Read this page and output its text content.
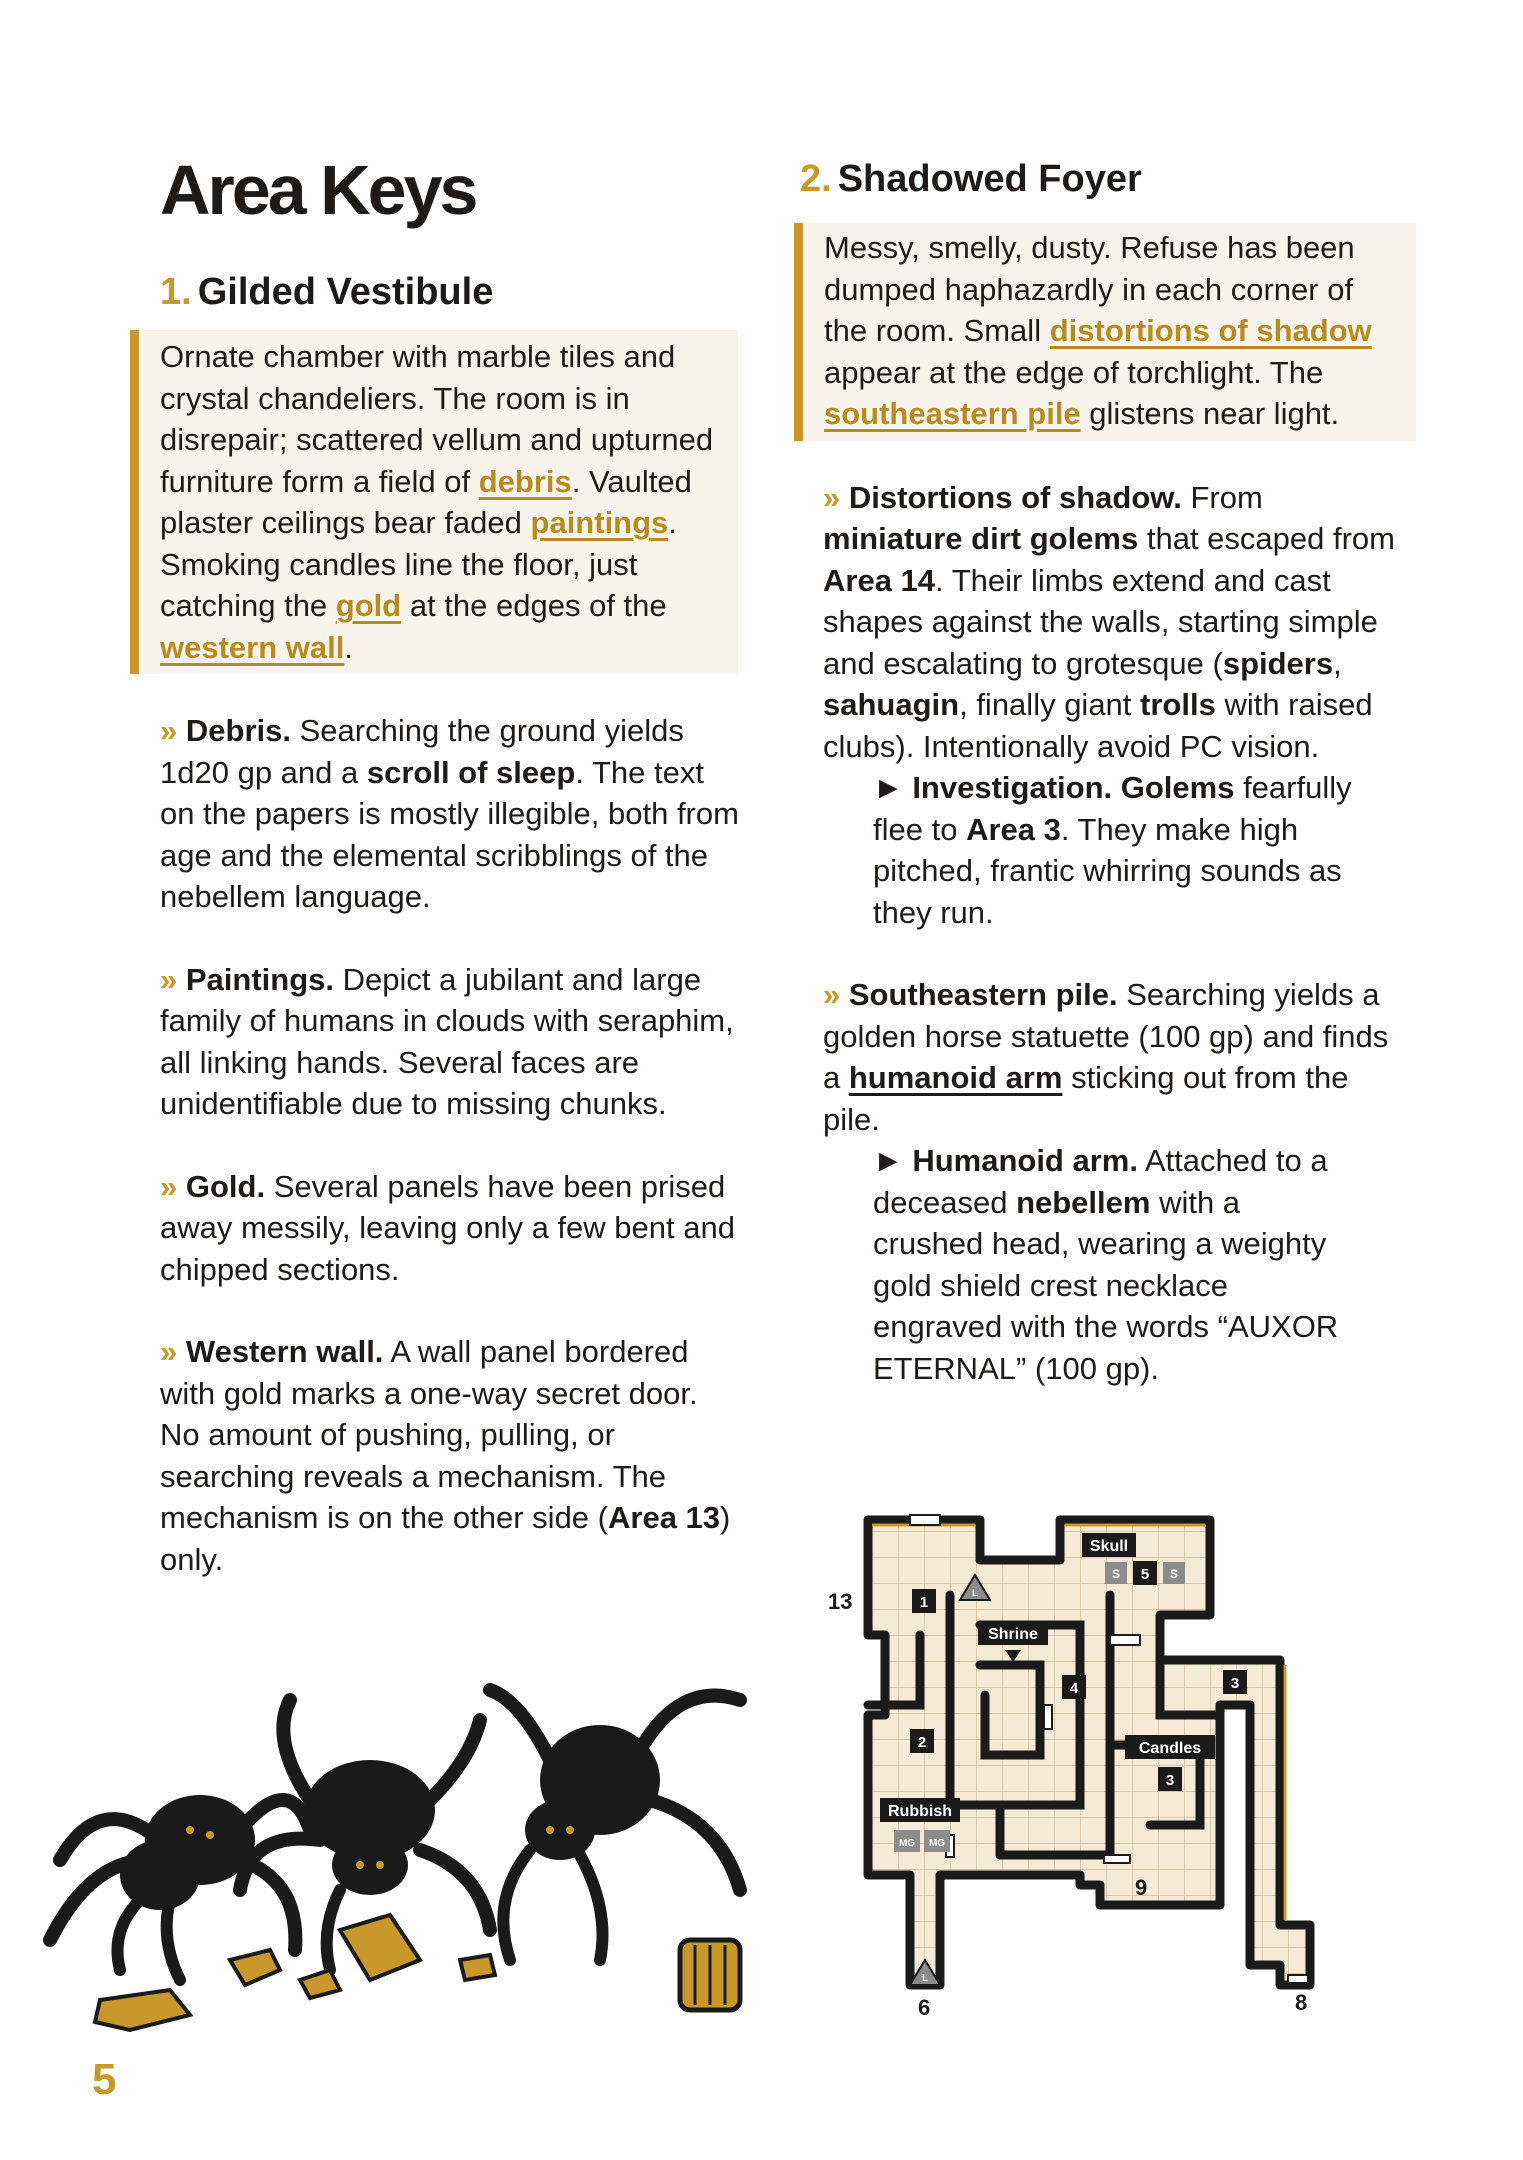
Area Keys
1. Gilded Vestibule

Ornate chamber with marble tiles and crystal chandeliers. The room is in disrepair; scattered vellum and upturned furniture form a field of debris. Vaulted plaster ceilings bear faded paintings. Smoking candles line the floor, just catching the gold at the edges of the western wall.

» Debris. Searching the ground yields 1d20 gp and a scroll of sleep. The text on the papers is mostly illegible, both from age and the elemental scribblings of the nebellem language.

» Paintings. Depict a jubilant and large family of humans in clouds with seraphim, all linking hands. Several faces are unidentifiable due to missing chunks.

» Gold. Several panels have been prised away messily, leaving only a few bent and chipped sections.

» Western wall. A wall panel bordered with gold marks a one-way secret door. No amount of pushing, pulling, or searching reveals a mechanism. The mechanism is on the other side (Area 13) only.

2. Shadowed Foyer

Messy, smelly, dusty. Refuse has been dumped haphazardly in each corner of the room. Small distortions of shadow appear at the edge of torchlight. The southeastern pile glistens near light.

» Distortions of shadow. From miniature dirt golems that escaped from Area 14. Their limbs extend and cast shapes against the walls, starting simple and escalating to grotesque (spiders, sahuagin, finally giant trolls with raised clubs). Intentionally avoid PC vision.

► Investigation. Golems fearfully flee to Area 3. They make high pitched, frantic whirring sounds as they run.

» Southeastern pile. Searching yields a golden horse statuette (100 gp) and finds a humanoid arm sticking out from the pile.

► Humanoid arm. Attached to a deceased nebellem with a crushed head, wearing a weighty gold shield crest necklace engraved with the words “AUXOR ETERNAL” (100 gp).

Skull
Shrine
Candles
Rubbish
1
2
3
3
4
5
S	S
MG MG
L
L
13
6	8
9
5
